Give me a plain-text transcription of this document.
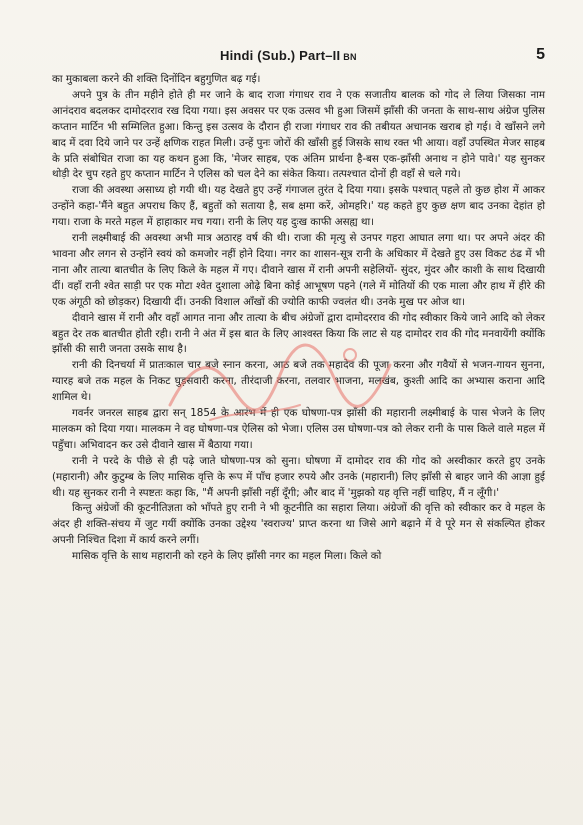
Hindi (Sub.) Part–II BN	5

का मुकाबला करने की शक्ति दिनोंदिन बहुगुणित बढ़ गई।

अपने पुत्र के तीन महीने होते ही मर जाने के बाद राजा गंगाधर राव ने एक सजातीय बालक को गोद ले लिया जिसका नाम आनंदराव बदलकर दामोदरराव रख दिया गया। इस अवसर पर एक उत्सव भी हुआ जिसमें झाँसी की जनता के साथ-साथ अंग्रेज पुलिस कप्तान मार्टिन भी सम्मिलित हुआ। किन्तु इस उत्सव के दौरान ही राजा गंगाधर राव की तबीयत अचानक खराब हो गई। वे खाँसने लगे बाद में दवा दिये जाने पर उन्हें क्षणिक राहत मिली। उन्हें पुनः जोरों की खाँसी हुई जिसके साथ रक्त भी आया। वहाँ उपस्थित मेजर साहब के प्रति संबोधित राजा का यह कथन हुआ कि, 'मेजर साहब, एक अंतिम प्रार्थना है-बस एक-झाँसी अनाथ न होने पावे।' यह सुनकर थोड़ी देर चुप रहते हुए कप्तान मार्टिन ने एलिस को चल देने का संकेत किया। तत्पश्चात दोनों ही वहाँ से चले गये।

राजा की अवस्था असाध्य हो गयी थी। यह देखते हुए उन्हें गंगाजल तुरंत दे दिया गया। इसके पश्चात् पहले तो कुछ होश में आकर उन्होंने कहा-'मैंने बहुत अपराध किए हैं, बहुतों को सताया है, सब क्षमा करें, ओमहरि।' यह कहते हुए कुछ क्षण बाद उनका देहांत हो गया। राजा के मरते महल में हाहाकार मच गया। रानी के लिए यह दुःख काफी असह्य था।

रानी लक्ष्मीबाई की अवस्था अभी मात्र अठारह वर्ष की थी। राजा की मृत्यु से उनपर गहरा आघात लगा था। पर अपने अंदर की भावना और लगन से उन्होंने स्वयं को कमजोर नहीं होने दिया। नगर का शासन-सूत्र रानी के अधिकार में देखते हुए उस विकट ठंढ में भी नाना और तात्या बातचीत के लिए किले के महल में गए। दीवाने खास में रानी अपनी सहेलियों- सुंदर, मुंदर और काशी के साथ दिखायी दीं। वहाँ रानी श्वेत साड़ी पर एक मोटा श्वेत दुशाला ओढ़े बिना कोई आभूषण पहने (गले में मोतियों की एक माला और हाथ में हीरे की एक अंगूठी को छोड़कर) दिखायी दीं। उनकी विशाल आँखों की ज्योति काफी ज्वलंत थी। उनके मुख पर ओज था।

दीवाने खास में रानी और वहाँ आगत नाना और तात्या के बीच अंग्रेजों द्वारा दामोदरराव की गोद स्वीकार किये जाने आदि को लेकर बहुत देर तक बातचीत होती रही। रानी ने अंत में इस बात के लिए आश्वस्त किया कि लाट से यह दामोदर राव की गोद मनवायेंगी क्योंकि झाँसी की सारी जनता उसके साथ है।

रानी की दिनचर्या में प्रातःकाल चार बजे स्नान करना, आठ बजे तक महादेव की पूजा करना और गवैयों से भजन-गायन सुनना, ग्यारह बजे तक महल के निकट घुड़सवारी करना, तीरंदाजी करना, तलवार भाजना, मलखंब, कुश्ती आदि का अभ्यास कराना आदि शामिल थे।

गवर्नर जनरल साहब द्वारा सन् 1854 के आरंभ में ही एक घोषणा-पत्र झाँसी की महारानी लक्ष्मीबाई के पास भेजने के लिए मालकम को दिया गया। मालकम ने वह घोषणा-पत्र ऐलिस को भेजा। एलिस उस घोषणा-पत्र को लेकर रानी के पास किले वाले महल में पहुँचा। अभिवादन कर उसे दीवाने खास में बैठाया गया।

रानी ने परदे के पीछे से ही पढ़े जाते घोषणा-पत्र को सुना। घोषणा में दामोदर राव की गोद को अस्वीकार करते हुए उनके (महारानी) और कुटुम्ब के लिए मासिक वृत्ति के रूप में पाँच हजार रुपये और उनके (महारानी) लिए झाँसी से बाहर जाने की आज्ञा हुई थी। यह सुनकर रानी ने स्पष्टतः कहा कि, "मैं अपनी झाँसी नहीं दूँगी; और बाद में 'मुझको यह वृत्ति नहीं चाहिए, मैं न लूँगी।'

किन्तु अंग्रेजों की कूटनीतिज्ञता को भाँपते हुए रानी ने भी कूटनीति का सहारा लिया। अंग्रेजों की वृत्ति को स्वीकार कर वे महल के अंदर ही शक्ति-संचय में जुट गयीं क्योंकि उनका उद्देश्य 'स्वराज्य' प्राप्त करना था जिसे आगे बढ़ाने में वे पूरे मन से संकल्पित होकर अपनी निश्चित दिशा में कार्य करने लगीं।

मासिक वृत्ति के साथ महारानी को रहने के लिए झाँसी नगर का महल मिला। किले को
